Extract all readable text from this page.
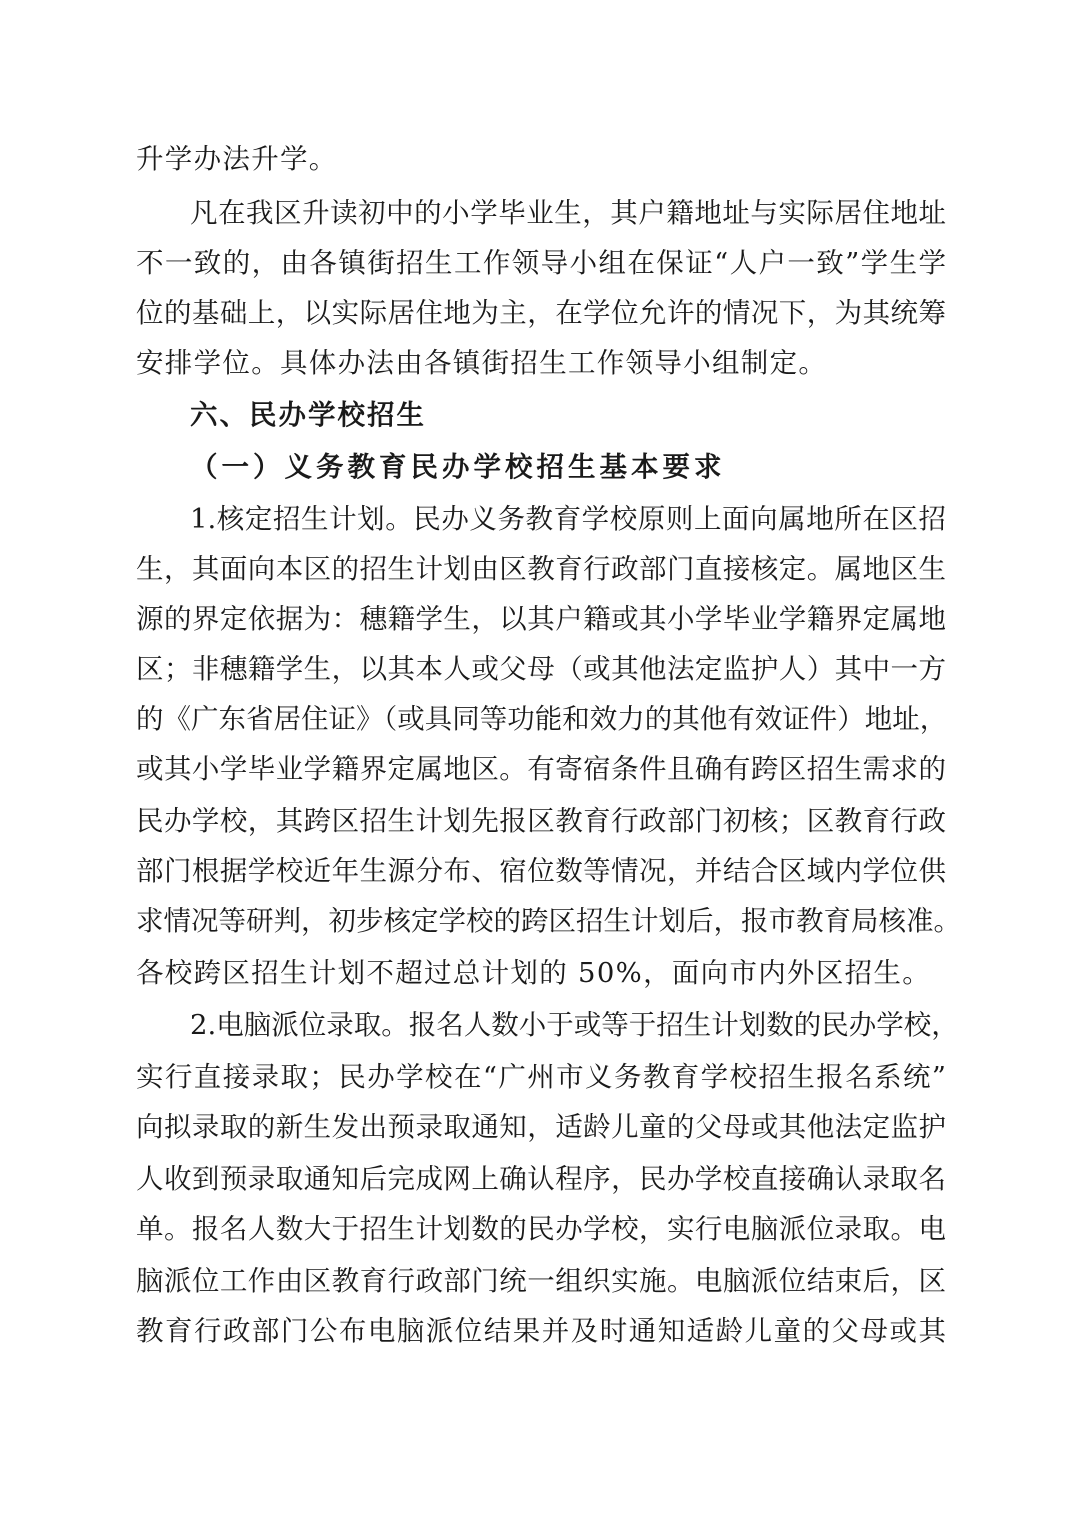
升学办法升学。
凡在我区升读初中的小学毕业生，其户籍地址与实际居住地址
不一致的，由各镇街招生工作领导小组在保证“人户一致”学生学
位的基础上，以实际居住地为主，在学位允许的情况下，为其统筹
安排学位。具体办法由各镇街招生工作领导小组制定。
六、民办学校招生
（一）义务教育民办学校招生基本要求
1.核定招生计划。民办义务教育学校原则上面向属地所在区招
生，其面向本区的招生计划由区教育行政部门直接核定。属地区生
源的界定依据为：穗籍学生，以其户籍或其小学毕业学籍界定属地
区；非穗籍学生，以其本人或父母（或其他法定监护人）其中一方
的《广东省居住证》（或具同等功能和效力的其他有效证件）地址，
或其小学毕业学籍界定属地区。有寄宿条件且确有跨区招生需求的
民办学校，其跨区招生计划先报区教育行政部门初核；区教育行政
部门根据学校近年生源分布、宿位数等情况，并结合区域内学位供
求情况等研判，初步核定学校的跨区招生计划后，报市教育局核准。
各校跨区招生计划不超过总计划的 50%，面向市内外区招生。
2.电脑派位录取。报名人数小于或等于招生计划数的民办学校，
实行直接录取；民办学校在“广州市义务教育学校招生报名系统”
向拟录取的新生发出预录取通知，适龄儿童的父母或其他法定监护
人收到预录取通知后完成网上确认程序，民办学校直接确认录取名
单。报名人数大于招生计划数的民办学校，实行电脑派位录取。电
脑派位工作由区教育行政部门统一组织实施。电脑派位结束后，区
教育行政部门公布电脑派位结果并及时通知适龄儿童的父母或其
